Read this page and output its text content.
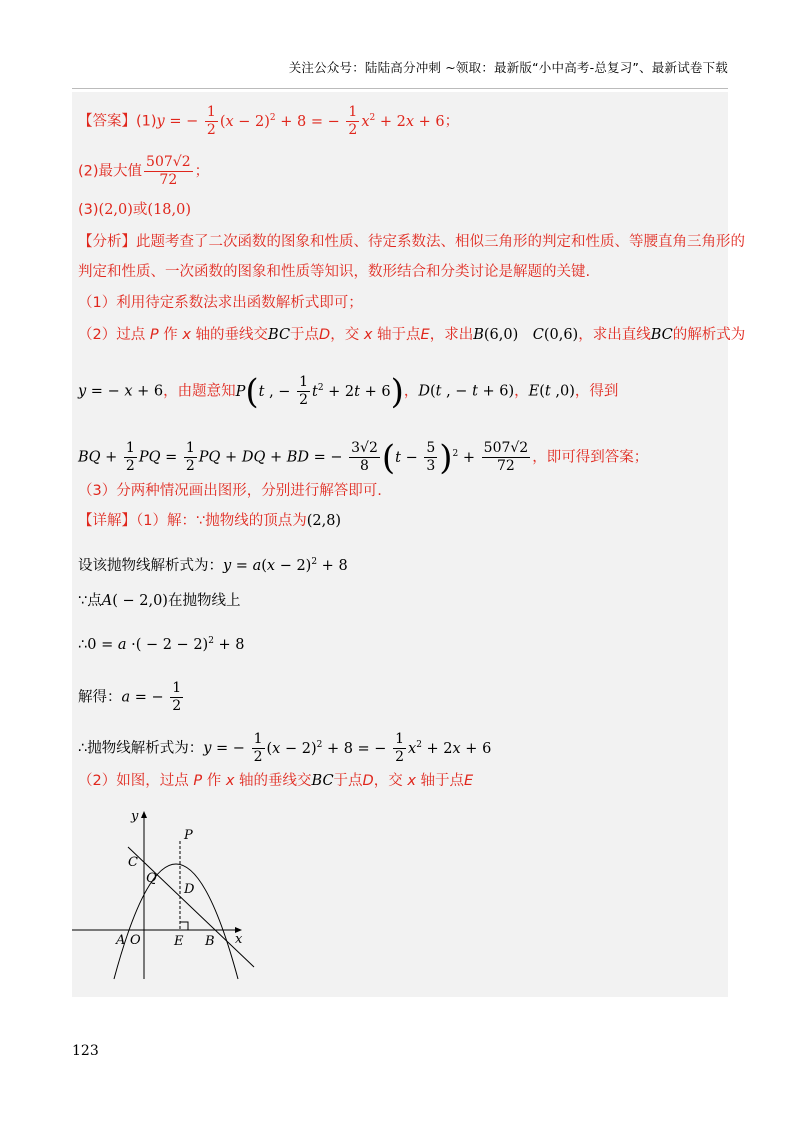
关注公众号：陆陆高分冲刺 ~领取：最新版“小中高考-总复习”、最新试卷下载
【答案】(1)y = − $\frac{1}{2} (x - 2)^2 + 8$ = − $\frac{1}{2} x^2 + 2x + 6$；
(2)最大值 $\frac{507√2}{72}$ ；
(3)(2,0)或(18,0)
【分析】此题考查了二次函数的图象和性质、待定系数法、相似三角形的判定和性质、等腰直角三角形的
判定和性质、一次函数的图象和性质等知识，数形结合和分类讨论是解题的关键.
（1）利用待定系数法求出函数解析式即可；
（2）过点 P 作 x 轴的垂线交BC于点D，交 x 轴于点E，求出B(6,0)　C(0,6)，求出直线BC的解析式为
y = − x + 6，由题意知P(t , − $\frac{1}{2} t^2 + 2t + 6$)，D(t , − t + 6)，E(t ,0)，得到
BQ + $\frac{1}{2}$ PQ = $\frac{1}{2}$ PQ + DQ + BD = − $\frac{3√2}{8} (t - \frac{5}{3} )^2 + \frac{507√2}{72}$ ，即可得到答案；
（3）分两种情况画出图形，分别进行解答即可.
【详解】（1）解：∵抛物线的顶点为(2,8)
设该抛物线解析式为：$y = a(x - 2)^2 + 8$
∵点A( − 2,0)在抛物线上
∴0 = a ·( − 2 − 2)$^2$ + 8
解得：a = − $\frac{1}{2}$
∴抛物线解析式为：y = − $\frac{1}{2} (x - 2)^2 + 8$ = − $\frac{1}{2} x^2 + 2x + 6$
（2）如图，过点 P 作 x 轴的垂线交BC于点D，交 x 轴于点E
y
P
C
Q
D
A O	E B x
123
